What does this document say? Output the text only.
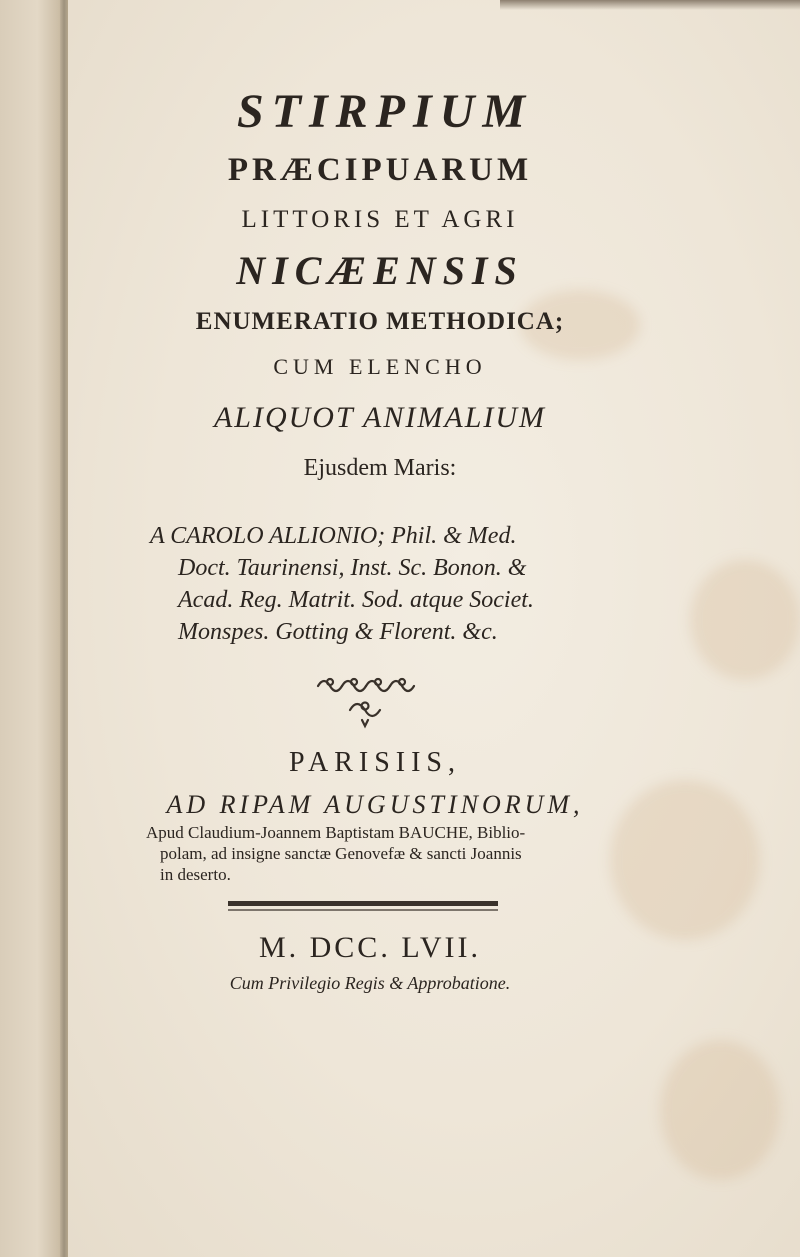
STIRPIUM
PRÆCIPUARUM
LITTORIS ET AGRI
NICÆENSIS
ENUMERATIO METHODICA;
CUM ELENCHO
ALIQUOT ANIMALIUM
Ejusdem Maris:
A CAROLO ALLIONIO; Phil. & Med.
Doct. Taurinensi, Inst. Sc. Bonon. &
Acad. Reg. Matrit. Sod. atque Societ.
Monspes. Gotting & Florent. &c.
PARISIIS,
AD RIPAM AUGUSTINORUM,
Apud Claudium-Joannem Baptistam BAUCHE, Biblio-
polam, ad insigne sanctæ Genovefæ & sancti Joannis
in deserto.
M. DCC. LVII.
Cum Privilegio Regis & Approbatione.
